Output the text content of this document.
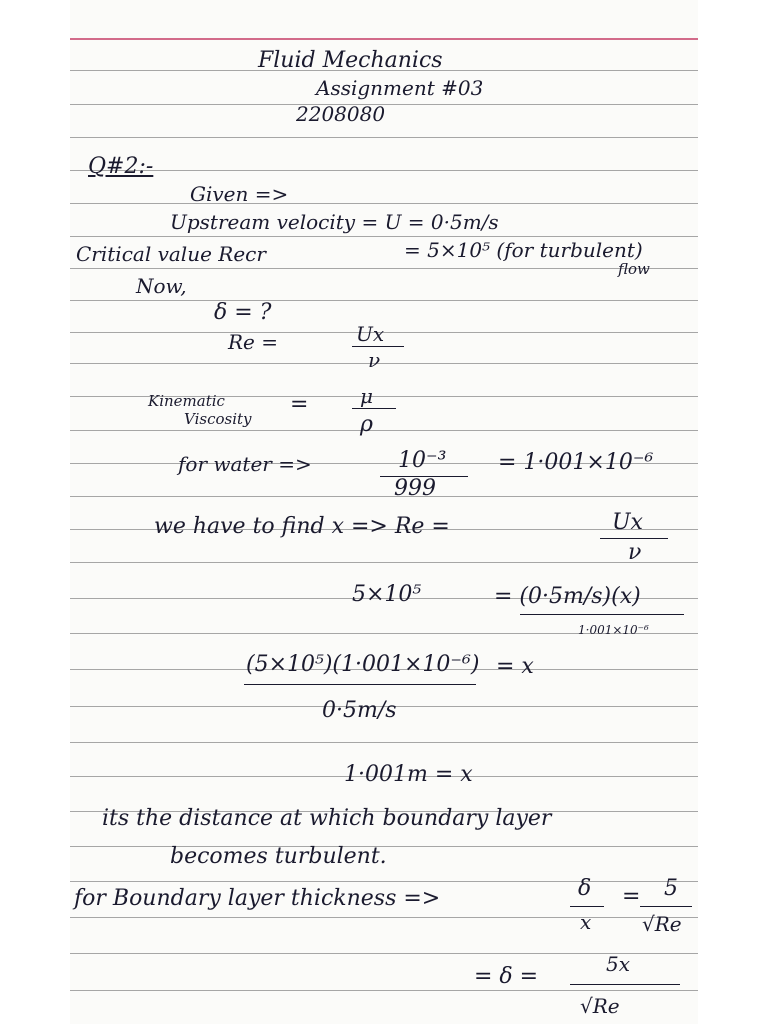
Fluid Mechanics
Assignment #03
2208080
Q#2:-
Given =>
Upstream velocity = U = 0·5m/s
Critical value Recr	= 5×10⁵ (for turbulent)
flow
Now,
δ = ?
Re =	Ux
ν
Kinematic
Viscosity
=	μ
ρ
for water =>	10⁻³
999
= 1·001×10⁻⁶
we have to find x => Re =	Ux
ν
5×10⁵	= (0·5m/s)(x)
1·001×10⁻⁶
(5×10⁵)(1·001×10⁻⁶) = x
0·5m/s
1·001m = x
its the distance at which boundary layer
becomes turbulent.
for Boundary layer thickness =>	δ
x
= 5
√Re
= δ =	5x
√Re
